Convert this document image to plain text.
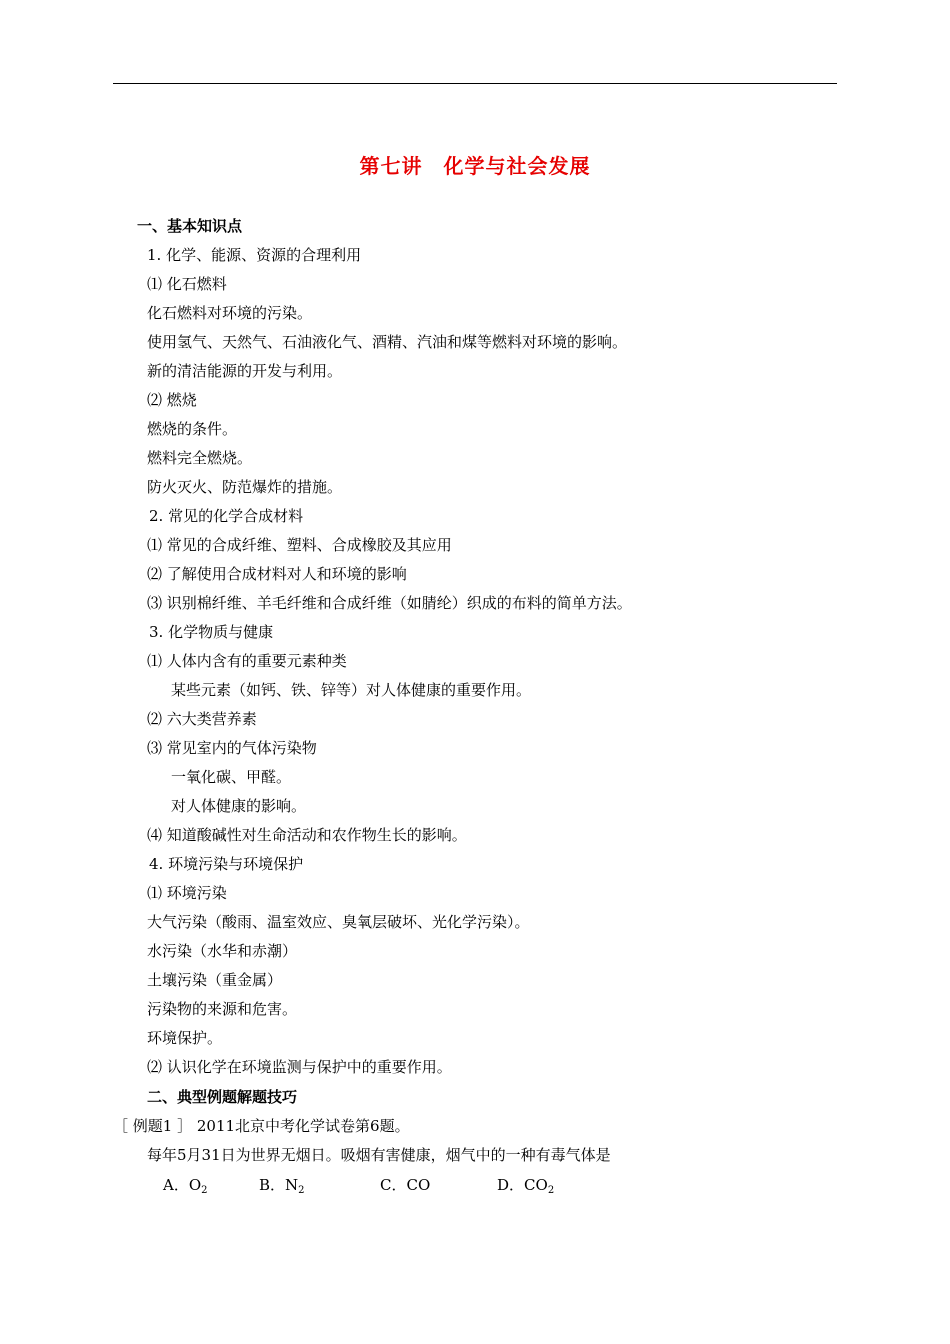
第七讲　化学与社会发展
一、基本知识点
1. 化学、能源、资源的合理利用
⑴ 化石燃料
化石燃料对环境的污染。
使用氢气、天然气、石油液化气、酒精、汽油和煤等燃料对环境的影响。
新的清洁能源的开发与利用。
⑵ 燃烧
燃烧的条件。
燃料完全燃烧。
防火灭火、防范爆炸的措施。
2. 常见的化学合成材料
⑴ 常见的合成纤维、塑料、合成橡胶及其应用
⑵ 了解使用合成材料对人和环境的影响
⑶ 识别棉纤维、羊毛纤维和合成纤维（如腈纶）织成的布料的简单方法。
3. 化学物质与健康
⑴ 人体内含有的重要元素种类
某些元素（如钙、铁、锌等）对人体健康的重要作用。
⑵ 六大类营养素
⑶ 常见室内的气体污染物
一氧化碳、甲醛。
对人体健康的影响。
⑷ 知道酸碱性对生命活动和农作物生长的影响。
4. 环境污染与环境保护
⑴ 环境污染
大气污染（酸雨、温室效应、臭氧层破坏、光化学污染）。
水污染（水华和赤潮）
土壤污染（重金属）
污染物的来源和危害。
环境保护。
⑵ 认识化学在环境监测与保护中的重要作用。
二、典型例题解题技巧
［ 例题1 ］ 2011北京中考化学试卷第6题。
每年5月31日为世界无烟日。吸烟有害健康，烟气中的一种有毒气体是
A．$O_2$	B．$N_2$	C．CO	D．$CO_2$
